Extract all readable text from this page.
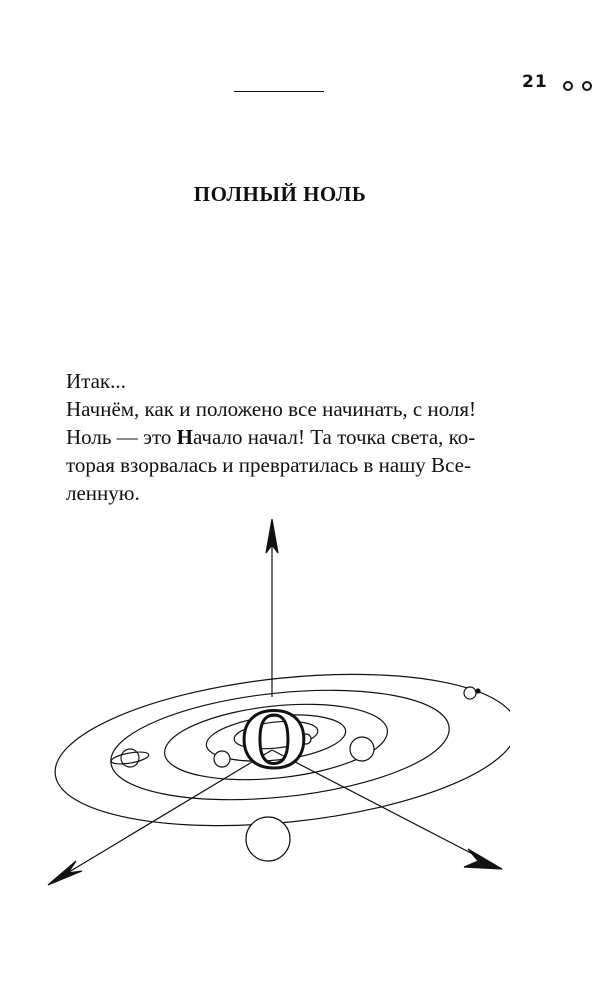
21
ПОЛНЫЙ НОЛЬ

Итак...

Начнём, как и положено все начинать, с ноля!

Ноль — это Начало начал! Та точка света, ко-

торая взорвалась и превратилась в нашу Все-

ленную.

О
